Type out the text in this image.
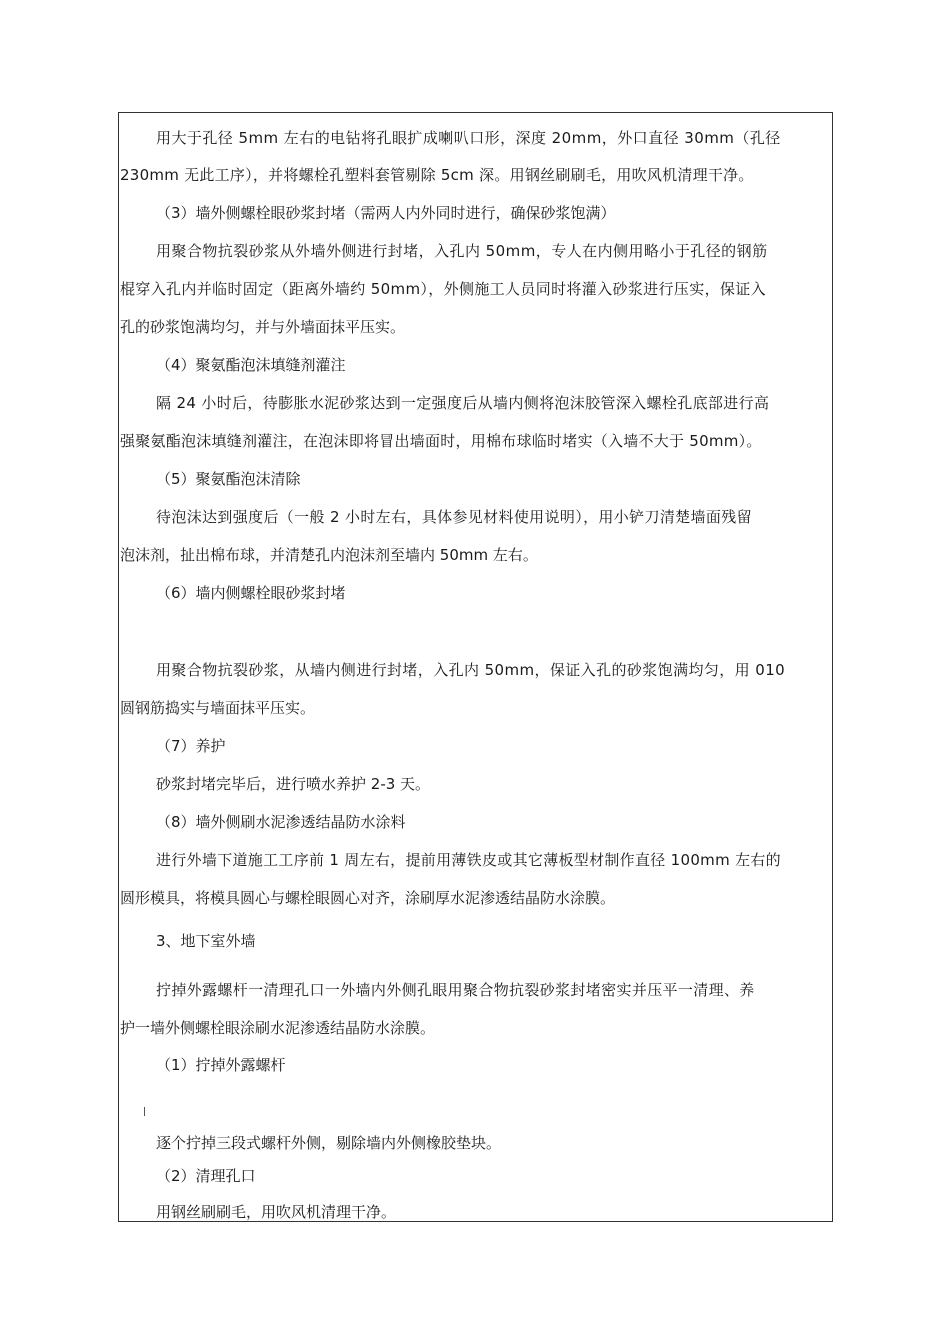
用大于孔径 5mm 左右的电钻将孔眼扩成喇叭口形，深度 20mm，外口直径 30mm（孔径
230mm 无此工序），并将螺栓孔塑料套管剔除 5cm 深。用钢丝刷刷毛，用吹风机清理干净。
（3）墙外侧螺栓眼砂浆封堵（需两人内外同时进行，确保砂浆饱满）
用聚合物抗裂砂浆从外墙外侧进行封堵，入孔内 50mm，专人在内侧用略小于孔径的钢筋
棍穿入孔内并临时固定（距离外墙约 50mm），外侧施工人员同时将灌入砂浆进行压实，保证入
孔的砂浆饱满均匀，并与外墙面抹平压实。
（4）聚氨酯泡沫填缝剂灌注
隔 24 小时后，待膨胀水泥砂浆达到一定强度后从墙内侧将泡沫胶管深入螺栓孔底部进行高
强聚氨酯泡沫填缝剂灌注，在泡沫即将冒出墙面时，用棉布球临时堵实（入墙不大于 50mm）。
（5）聚氨酯泡沫清除
待泡沫达到强度后（一般 2 小时左右，具体参见材料使用说明），用小铲刀清楚墙面残留
泡沫剂，扯出棉布球，并清楚孔内泡沫剂至墙内 50mm 左右。
（6）墙内侧螺栓眼砂浆封堵
用聚合物抗裂砂浆，从墙内侧进行封堵，入孔内 50mm，保证入孔的砂浆饱满均匀，用 010
圆钢筋捣实与墙面抹平压实。
（7）养护
砂浆封堵完毕后，进行喷水养护 2-3 天。
（8）墙外侧刷水泥渗透结晶防水涂料
进行外墙下道施工工序前 1 周左右，提前用薄铁皮或其它薄板型材制作直径 100mm 左右的
圆形模具，将模具圆心与螺栓眼圆心对齐，涂刷厚水泥渗透结晶防水涂膜。
3、地下室外墙
拧掉外露螺杆一清理孔口一外墙内外侧孔眼用聚合物抗裂砂浆封堵密实并压平一清理、养
护一墙外侧螺栓眼涂刷水泥渗透结晶防水涂膜。
（1）拧掉外露螺杆
逐个拧掉三段式螺杆外侧，剔除墙内外侧橡胶垫块。
（2）清理孔口
用钢丝刷刷毛，用吹风机清理干净。
